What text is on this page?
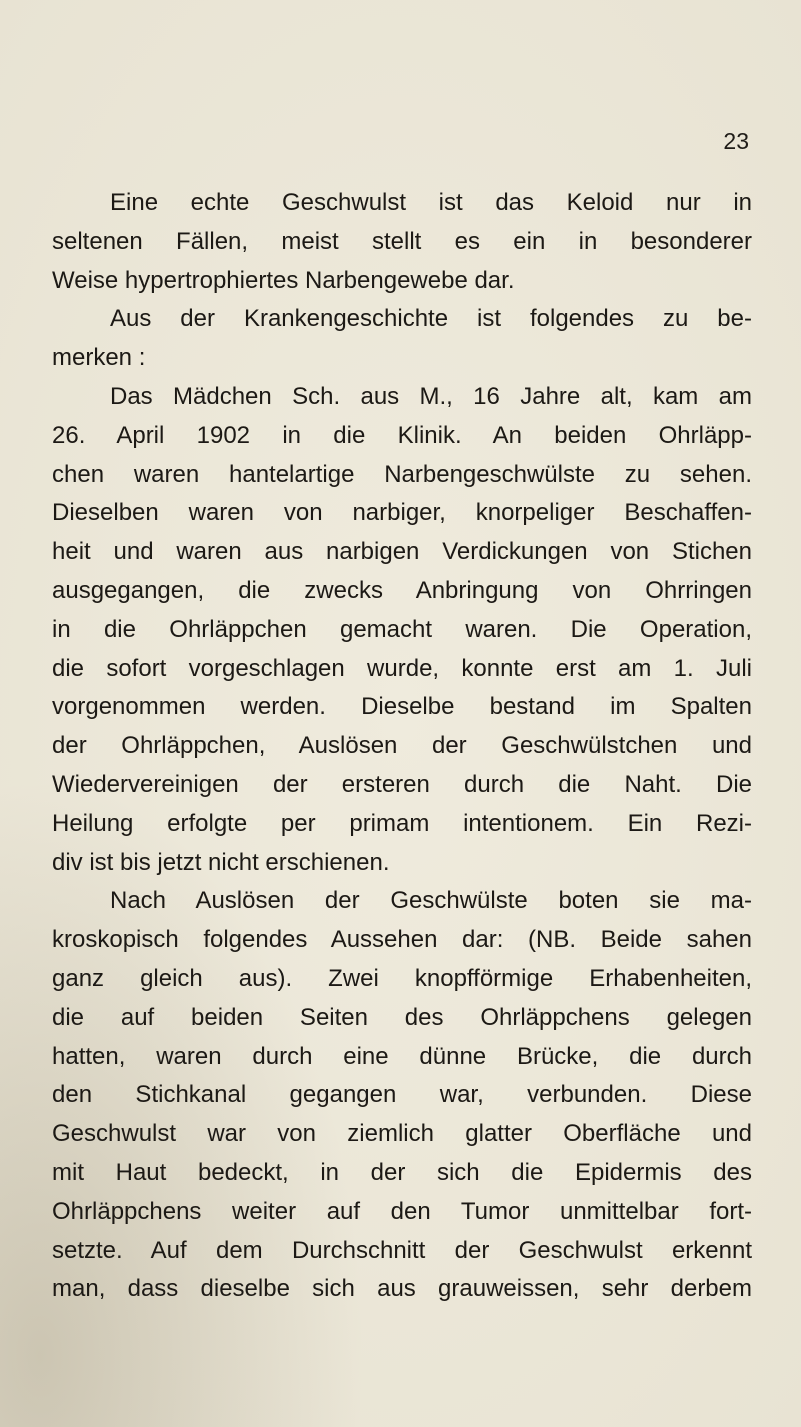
23
Eine echte Geschwulst ist das Keloid nur in
seltenen Fällen, meist stellt es ein in besonderer
Weise hypertrophiertes Narbengewebe dar.
Aus der Krankengeschichte ist folgendes zu be-
merken :
Das Mädchen Sch. aus M., 16 Jahre alt, kam am
26. April 1902 in die Klinik. An beiden Ohrläpp-
chen waren hantelartige Narbengeschwülste zu sehen.
Dieselben waren von narbiger, knorpeliger Beschaffen-
heit und waren aus narbigen Verdickungen von Stichen
ausgegangen, die zwecks Anbringung von Ohrringen
in die Ohrläppchen gemacht waren. Die Operation,
die sofort vorgeschlagen wurde, konnte erst am 1. Juli
vorgenommen werden. Dieselbe bestand im Spalten
der Ohrläppchen, Auslösen der Geschwülstchen und
Wiedervereinigen der ersteren durch die Naht. Die
Heilung erfolgte per primam intentionem. Ein Rezi-
div ist bis jetzt nicht erschienen.
Nach Auslösen der Geschwülste boten sie ma-
kroskopisch folgendes Aussehen dar: (NB. Beide sahen
ganz gleich aus). Zwei knopfförmige Erhabenheiten,
die auf beiden Seiten des Ohrläppchens gelegen
hatten, waren durch eine dünne Brücke, die durch
den Stichkanal gegangen war, verbunden. Diese
Geschwulst war von ziemlich glatter Oberfläche und
mit Haut bedeckt, in der sich die Epidermis des
Ohrläppchens weiter auf den Tumor unmittelbar fort-
setzte. Auf dem Durchschnitt der Geschwulst erkennt
man, dass dieselbe sich aus grauweissen, sehr derbem
